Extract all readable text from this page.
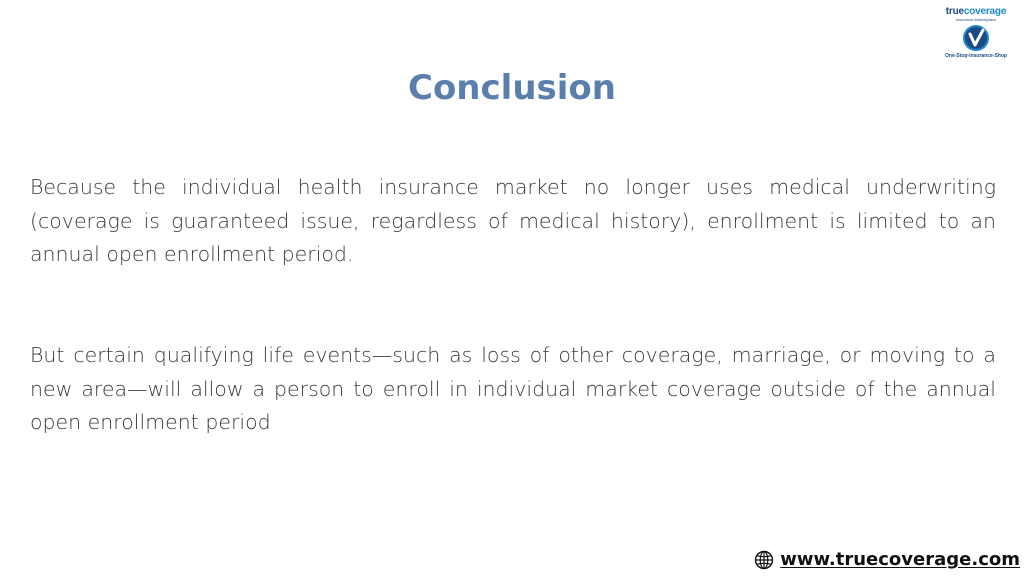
truecoverage
Insurance Marketplace
One-Stop-Insurance-Shop
Conclusion

Because the individual health insurance market no longer uses medical underwriting (coverage is guaranteed issue, regardless of medical history), enrollment is limited to an annual open enrollment period.

But certain qualifying life events—such as loss of other coverage, marriage, or moving to a new area—will allow a person to enroll in individual market coverage outside of the annual open enrollment period

www.truecoverage.com
